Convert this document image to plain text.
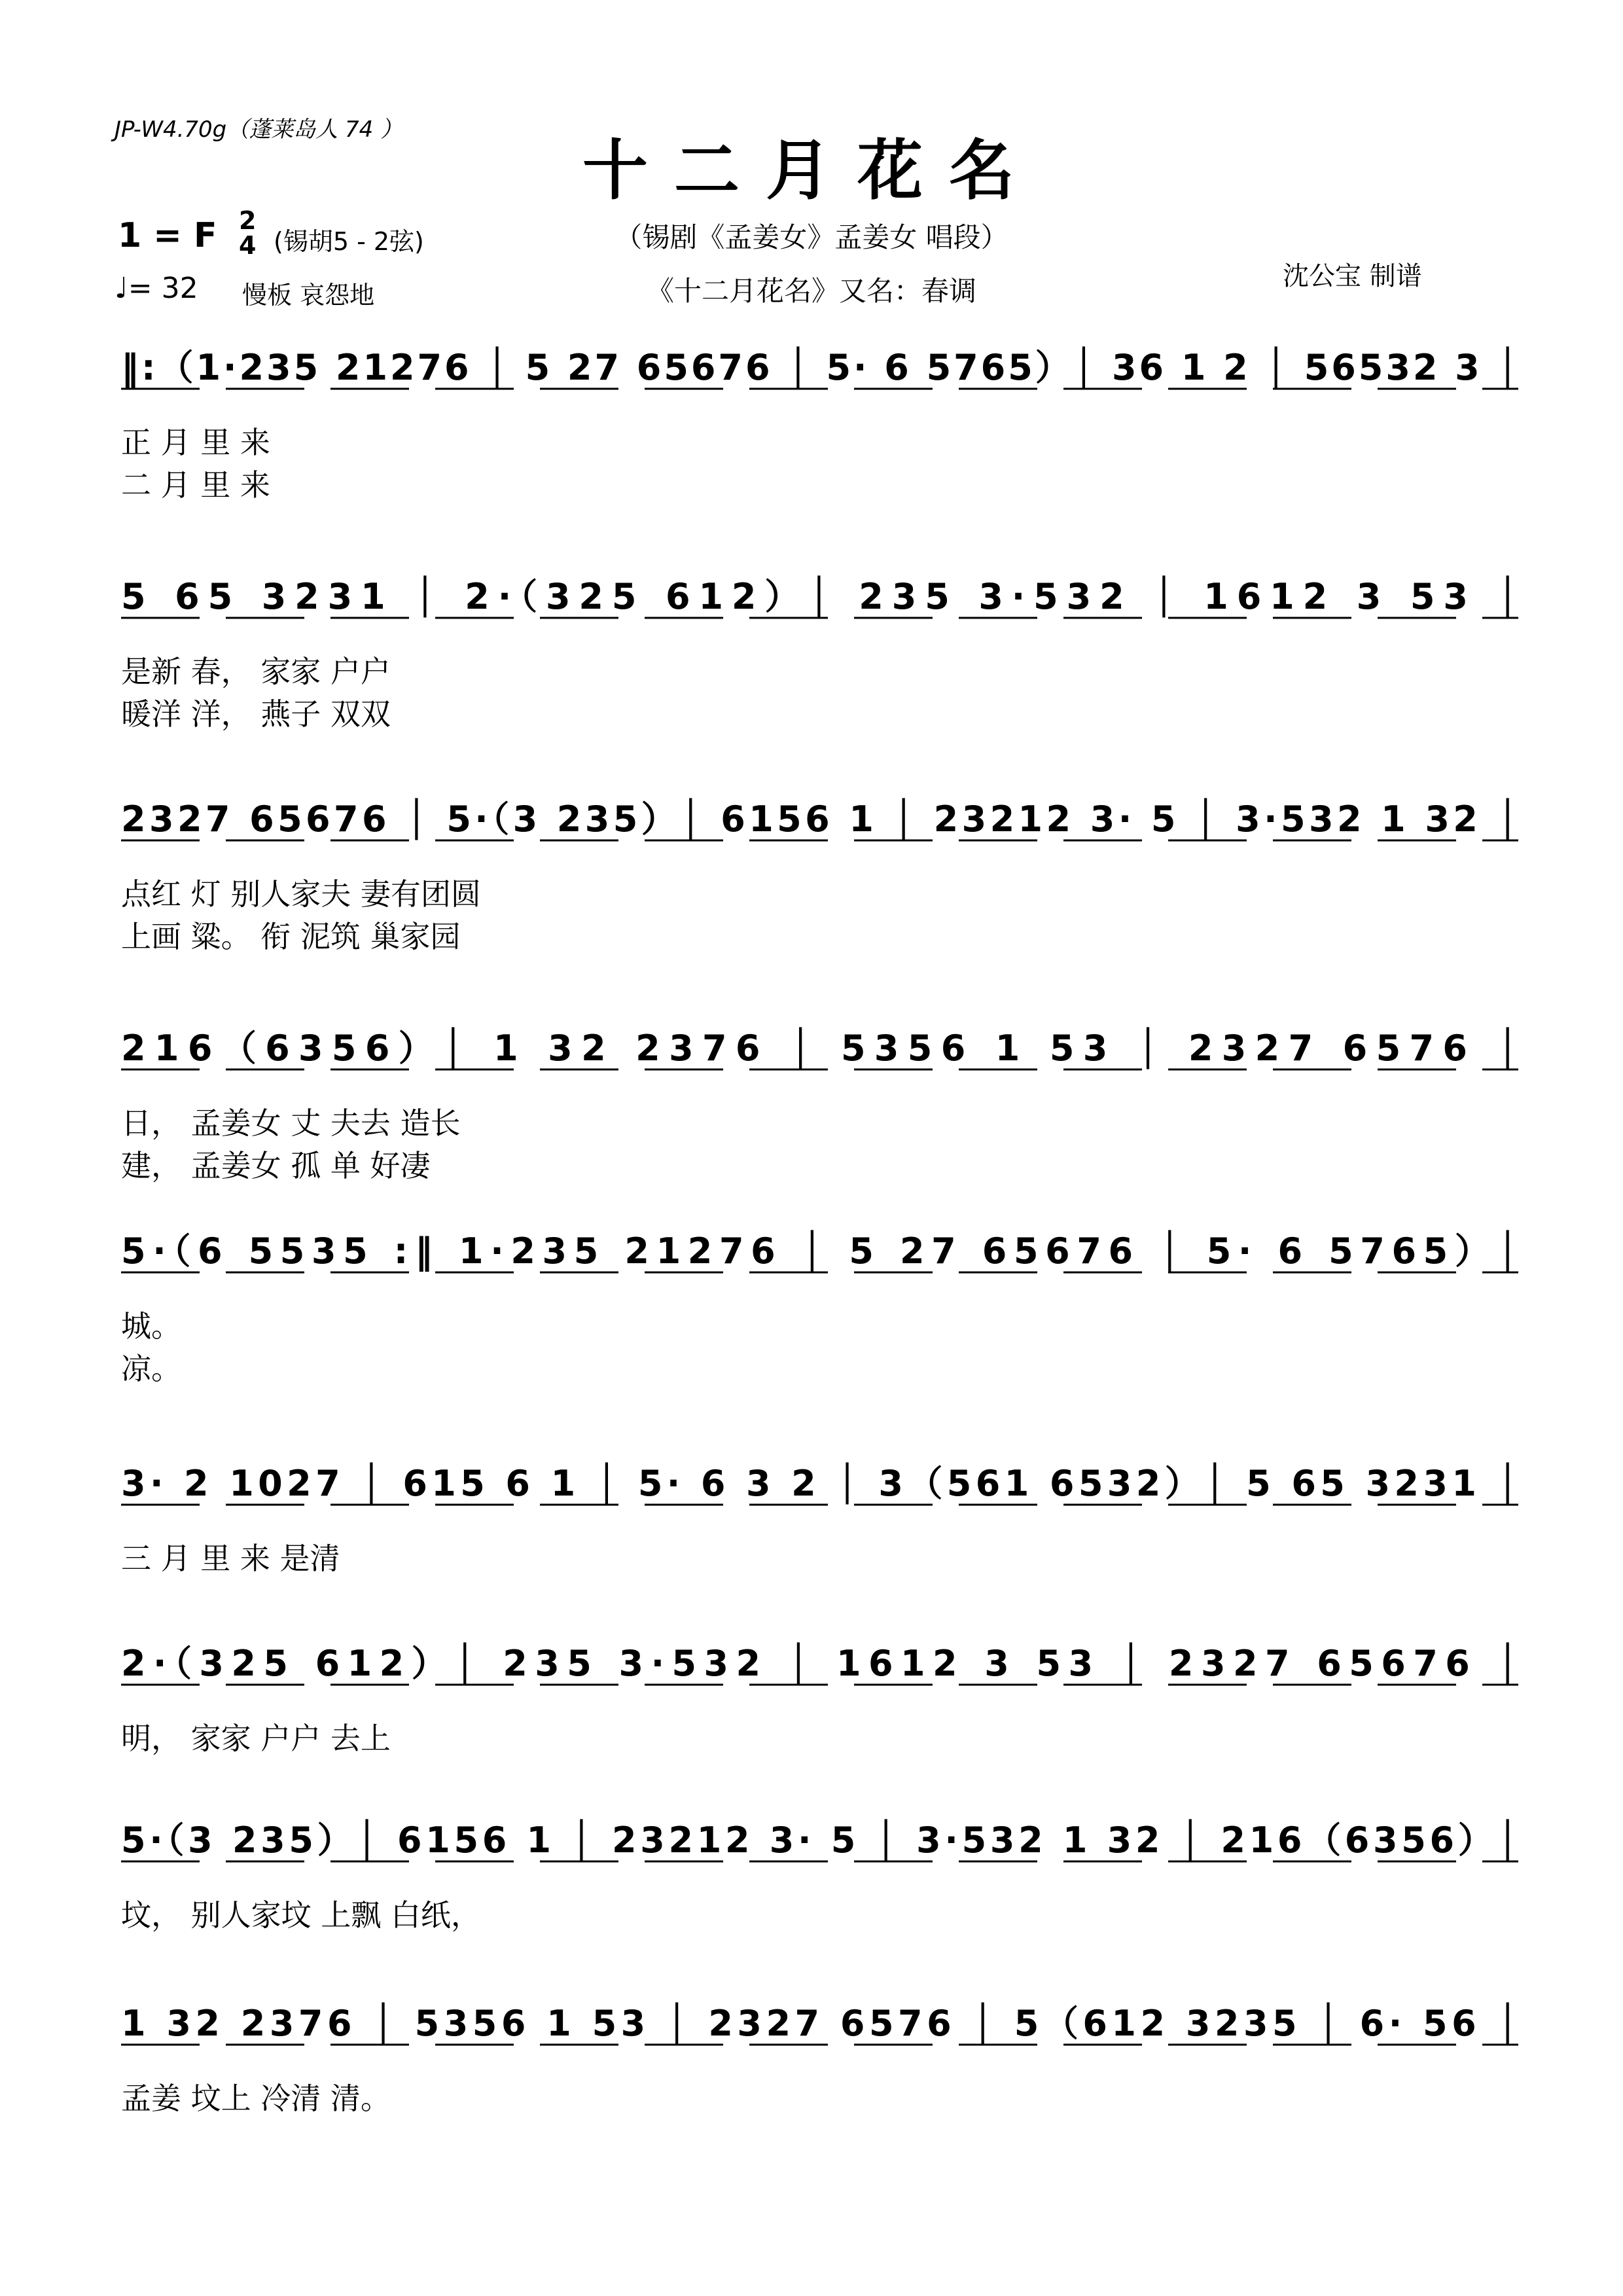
JP-W4.70g（蓬莱岛人 74 ）
十二月花名
（锡剧《孟姜女》孟姜女 唱段）
《十二月花名》又名：春调
1 = F 2
4 (锡胡5 - 2弦)
♩= 32 慢板 哀怨地
沈公宝 制谱
‖:（1·235 21276 │ 5 27 65676 │ 5· 6 5765）│ 36 1 2 │ 56532 3 │
5 65 3231 │ 2·（325 612）│ 235 3·532 │ 1612 3 53 │
2327 65676 │ 5·（3 235）│ 6156 1 │ 23212 3· 5 │ 3·532 1 32 │
216（6356）│ 1 32 2376 │ 5356 1 53 │ 2327 6576 │
5·（6 5535 :‖ 1·235 21276 │ 5 27 65676 │ 5· 6 5765）│
3· 2 1027 │ 615 6 1 │ 5· 6 3 2 │ 3（561 6532）│ 5 65 3231 │
2·（325 612）│ 235 3·532 │ 1612 3 53 │ 2327 65676 │
5·（3 235）│ 6156 1 │ 23212 3· 5 │ 3·532 1 32 │ 216（6356）│
1 32 2376 │ 5356 1 53 │ 2327 6576 │ 5（612 3235 │ 6· 56 │
正 月 里 来
二 月 里 来
是新 春， 家家 户户
暖洋 洋， 燕子 双双
点红 灯 别人家夫 妻有团圆
上画 粱。 衔 泥筑 巢家园
日， 孟姜女 丈 夫去 造长
建， 孟姜女 孤 单 好凄
城。
凉。
三 月 里 来 是清
明， 家家 户户 去上
坟， 别人家坟 上飘 白纸，
孟姜 坟上 冷清 清。
